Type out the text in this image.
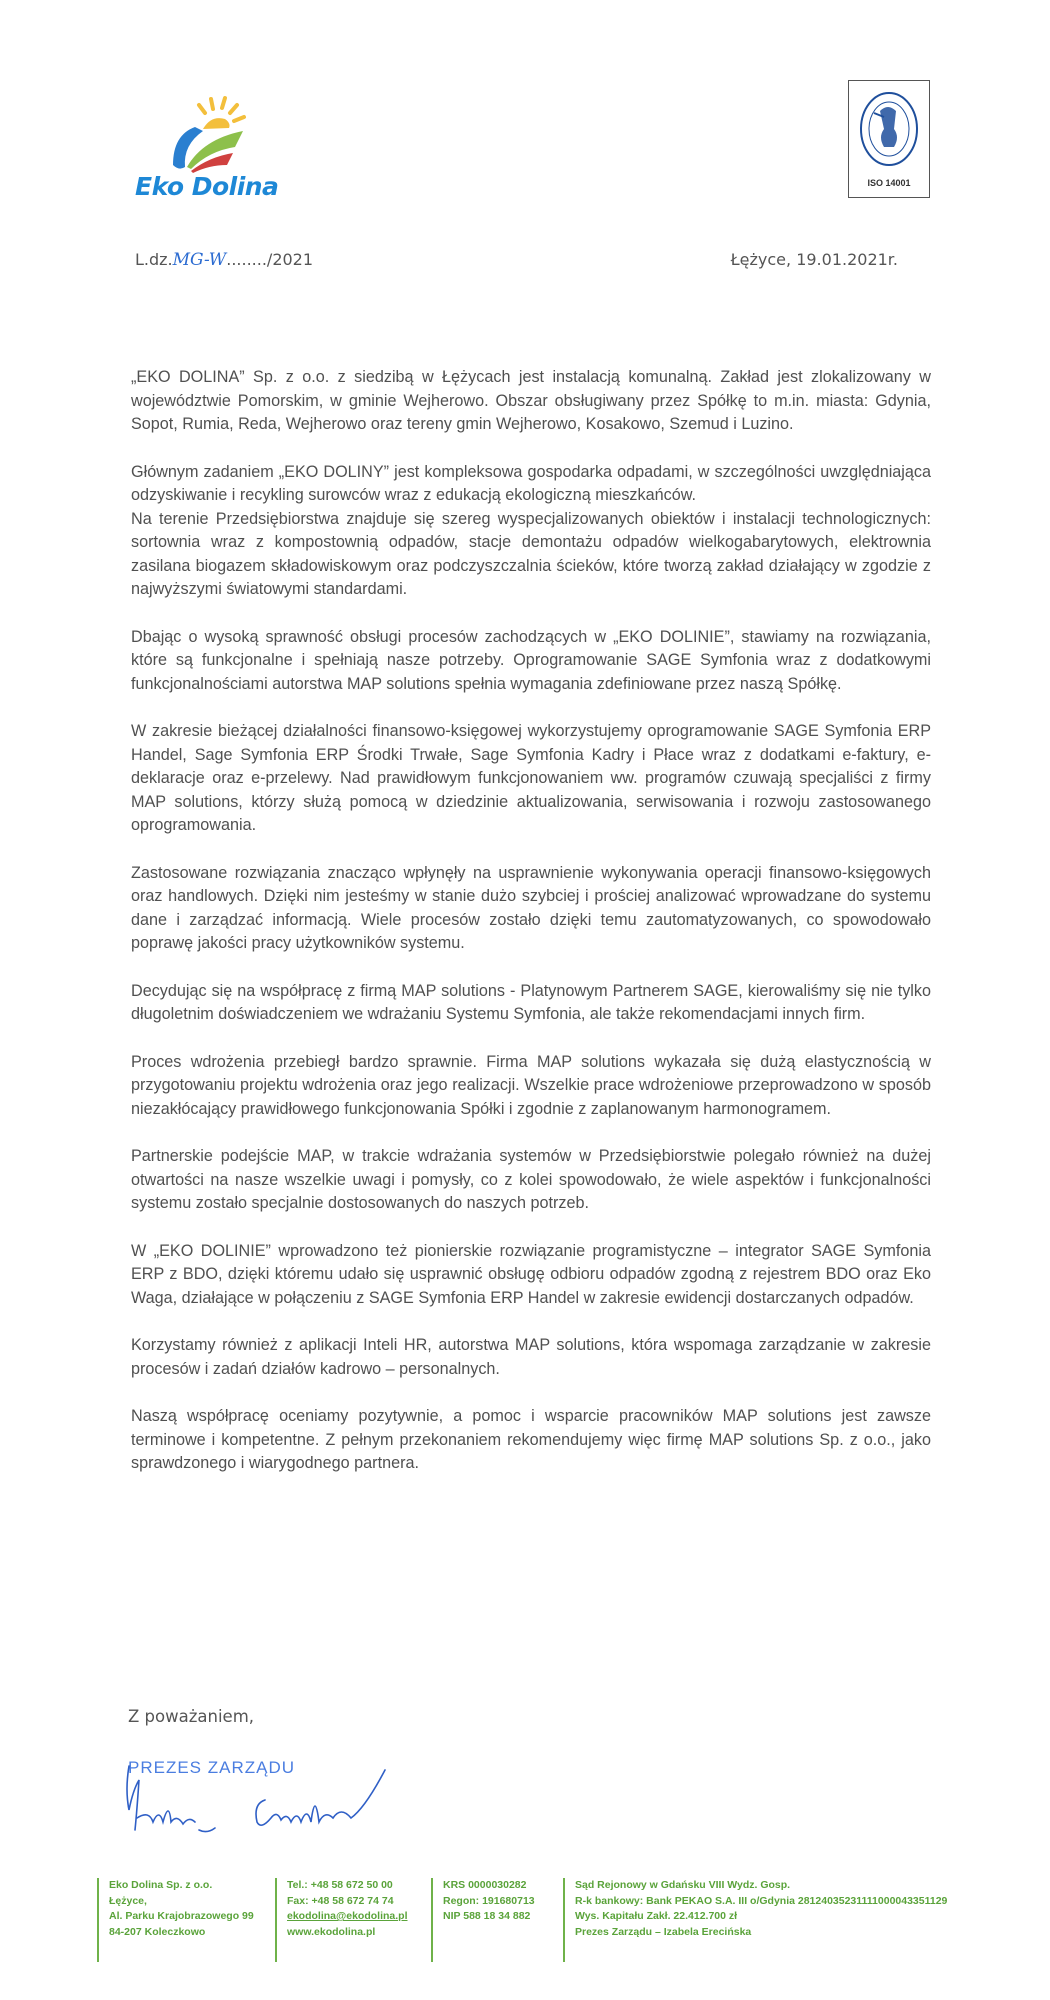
Eko Dolina	ISO 14001
L.dz.MG-W......../2021	Łężyce, 19.01.2021r.

„EKO DOLINA” Sp. z o.o. z siedzibą w Łężycach jest instalacją komunalną. Zakład jest zlokalizowany w województwie Pomorskim, w gminie Wejherowo. Obszar obsługiwany przez Spółkę to m.in. miasta: Gdynia, Sopot, Rumia, Reda, Wejherowo oraz tereny gmin Wejherowo, Kosakowo, Szemud i Luzino.

Głównym zadaniem „EKO DOLINY” jest kompleksowa gospodarka odpadami, w szczególności uwzględniająca odzyskiwanie i recykling surowców wraz z edukacją ekologiczną mieszkańców.

Na terenie Przedsiębiorstwa znajduje się szereg wyspecjalizowanych obiektów i instalacji technologicznych: sortownia wraz z kompostownią odpadów, stacje demontażu odpadów wielkogabarytowych, elektrownia zasilana biogazem składowiskowym oraz podczyszczalnia ścieków, które tworzą zakład działający w zgodzie z najwyższymi światowymi standardami.

Dbając o wysoką sprawność obsługi procesów zachodzących w „EKO DOLINIE”, stawiamy na rozwiązania, które są funkcjonalne i spełniają nasze potrzeby. Oprogramowanie SAGE Symfonia wraz z dodatkowymi funkcjonalnościami autorstwa MAP solutions spełnia wymagania zdefiniowane przez naszą Spółkę.

W zakresie bieżącej działalności finansowo-księgowej wykorzystujemy oprogramowanie SAGE Symfonia ERP Handel, Sage Symfonia ERP Środki Trwałe, Sage Symfonia Kadry i Płace wraz z dodatkami e-faktury, e-deklaracje oraz e-przelewy. Nad prawidłowym funkcjonowaniem ww. programów czuwają specjaliści z firmy MAP solutions, którzy służą pomocą w dziedzinie aktualizowania, serwisowania i rozwoju zastosowanego oprogramowania.

Zastosowane rozwiązania znacząco wpłynęły na usprawnienie wykonywania operacji finansowo-księgowych oraz handlowych. Dzięki nim jesteśmy w stanie dużo szybciej i prościej analizować wprowadzane do systemu dane i zarządzać informacją. Wiele procesów zostało dzięki temu zautomatyzowanych, co spowodowało poprawę jakości pracy użytkowników systemu.

Decydując się na współpracę z firmą MAP solutions - Platynowym Partnerem SAGE, kierowaliśmy się nie tylko długoletnim doświadczeniem we wdrażaniu Systemu Symfonia, ale także rekomendacjami innych firm.

Proces wdrożenia przebiegł bardzo sprawnie. Firma MAP solutions wykazała się dużą elastycznością w przygotowaniu projektu wdrożenia oraz jego realizacji. Wszelkie prace wdrożeniowe przeprowadzono w sposób niezakłócający prawidłowego funkcjonowania Spółki i zgodnie z zaplanowanym harmonogramem.

Partnerskie podejście MAP, w trakcie wdrażania systemów w Przedsiębiorstwie polegało również na dużej otwartości na nasze wszelkie uwagi i pomysły, co z kolei spowodowało, że wiele aspektów i funkcjonalności systemu zostało specjalnie dostosowanych do naszych potrzeb.

W „EKO DOLINIE” wprowadzono też pionierskie rozwiązanie programistyczne – integrator SAGE Symfonia ERP z BDO, dzięki któremu udało się usprawnić obsługę odbioru odpadów zgodną z rejestrem BDO oraz Eko Waga, działające w połączeniu z SAGE Symfonia ERP Handel w zakresie ewidencji dostarczanych odpadów.

Korzystamy również z aplikacji Inteli HR, autorstwa MAP solutions, która wspomaga zarządzanie w zakresie procesów i zadań działów kadrowo – personalnych.

Naszą współpracę oceniamy pozytywnie, a pomoc i wsparcie pracowników MAP solutions jest zawsze terminowe i kompetentne. Z pełnym przekonaniem rekomendujemy więc firmę MAP solutions Sp. z o.o., jako sprawdzonego i wiarygodnego partnera.

Z poważaniem,
PREZES ZARZĄDU
Eko Dolina Sp. z o.o.
Łężyce,
Al. Parku Krajobrazowego 99
84-207 Koleczkowo
Tel.: +48 58 672 50 00
Fax: +48 58 672 74 74
ekodolina@ekodolina.pl
www.ekodolina.pl
KRS 0000030282
Regon: 191680713
NIP 588 18 34 882
Sąd Rejonowy w Gdańsku VIII Wydz. Gosp.
R-k bankowy: Bank PEKAO S.A. III o/Gdynia 28124035231111000043351129
Wys. Kapitału Zakł. 22.412.700 zł
Prezes Zarządu – Izabela Erecińska
